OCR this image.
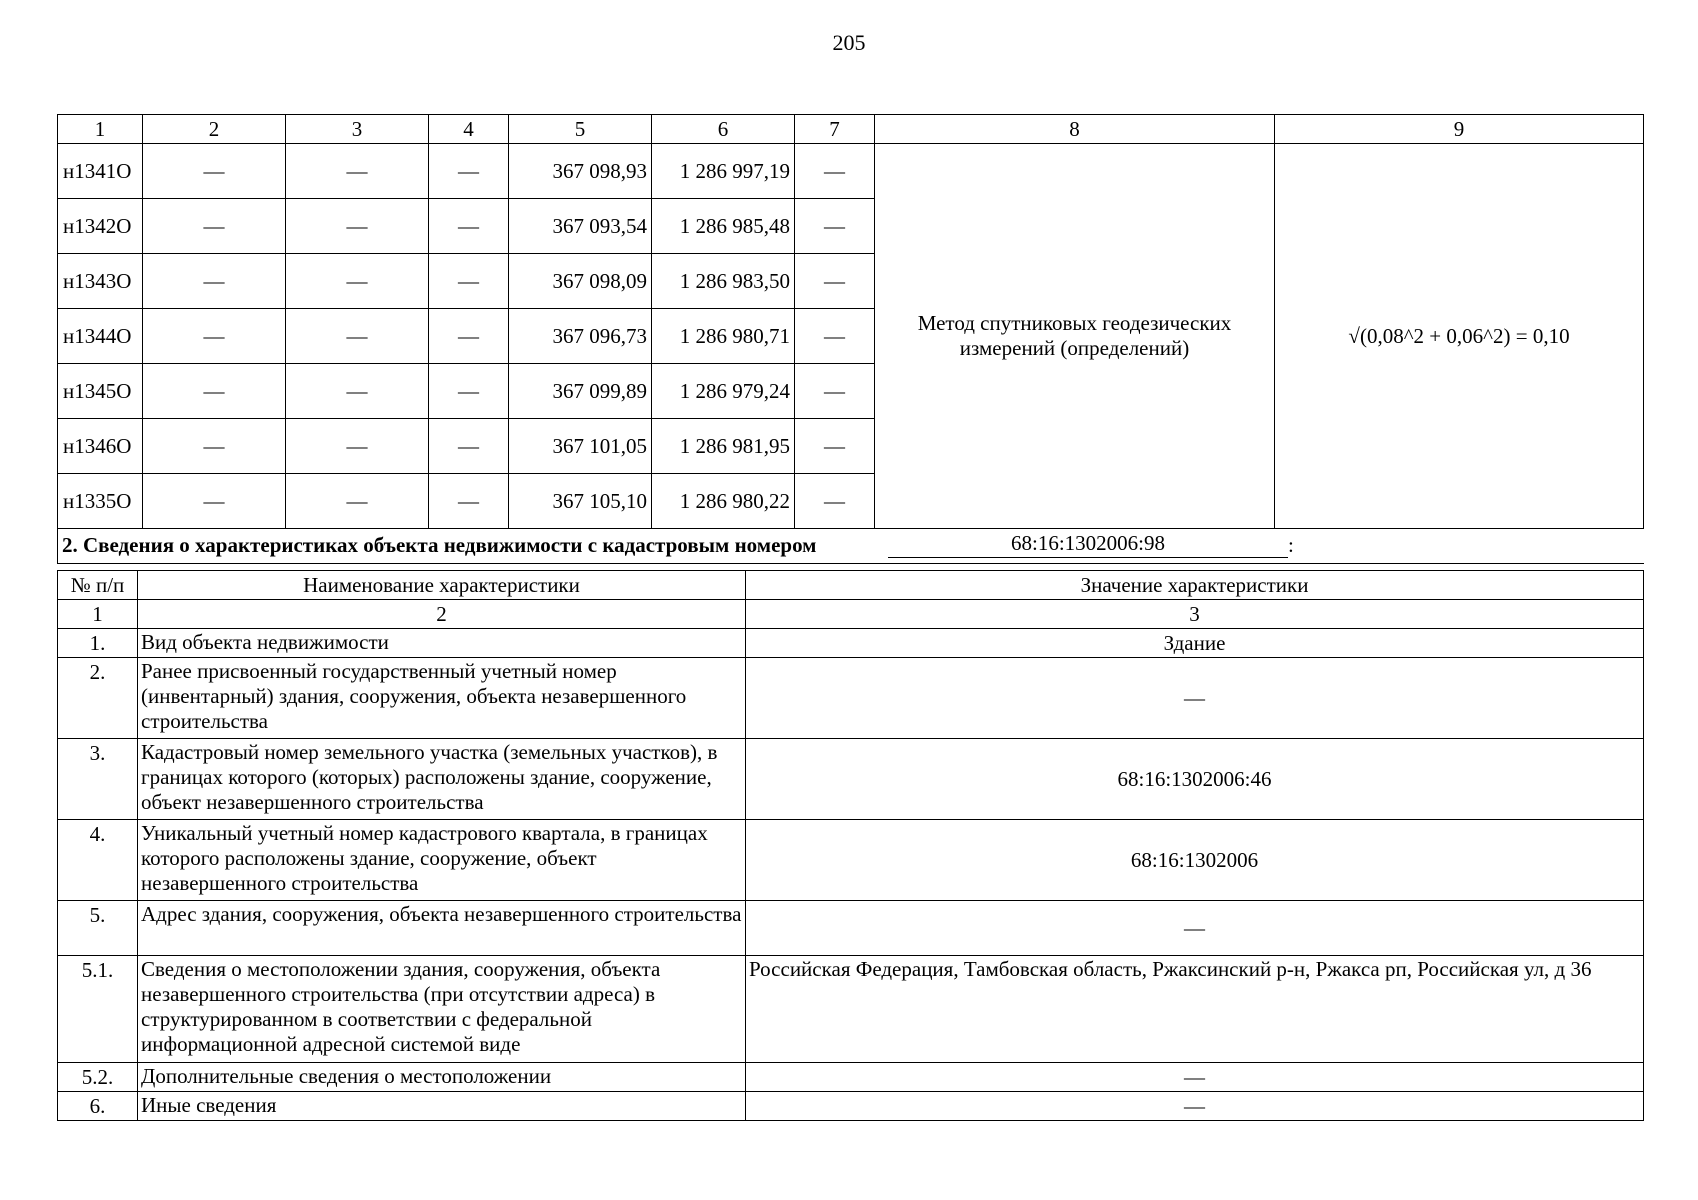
205
1	2	3	4	5	6	7	8	9
н1341О	—	—	—	367 098,93	1 286 997,19	—	Метод спутниковых геодезических измерений (определений)	√(0,08^2 + 0,06^2) = 0,10
н1342О	—	—	—	367 093,54	1 286 985,48	—		
н1343О	—	—	—	367 098,09	1 286 983,50	—		
н1344О	—	—	—	367 096,73	1 286 980,71	—		
н1345О	—	—	—	367 099,89	1 286 979,24	—		
н1346О	—	—	—	367 101,05	1 286 981,95	—		
н1335О	—	—	—	367 105,10	1 286 980,22	—		

2. Сведения о характеристиках объекта недвижимости с кадастровым номером 68:16:1302006:98 :								
№ п/п	Наименование характеристики	Значение характеристики
1	2	3
1.	Вид объекта недвижимости	Здание
2.	Ранее присвоенный государственный учетный номер (инвентарный) здания, сооружения, объекта незавершенного строительства	—
3.	Кадастровый номер земельного участка (земельных участков), в границах которого (которых) расположены здание, сооружение, объект незавершенного строительства	68:16:1302006:46
4.	Уникальный учетный номер кадастрового квартала, в границах которого расположены здание, сооружение, объект незавершенного строительства	68:16:1302006
5.	Адрес здания, сооружения, объекта незавершенного строительства	—
5.1.	Сведения о местоположении здания, сооружения, объекта незавершенного строительства (при отсутствии адреса) в структурированном в соответствии с федеральной информационной адресной системой виде	Российская Федерация, Тамбовская область, Ржаксинский р-н, Ржакса рп, Российская ул, д 36
5.2.	Дополнительные сведения о местоположении	—
6.	Иные сведения	—
